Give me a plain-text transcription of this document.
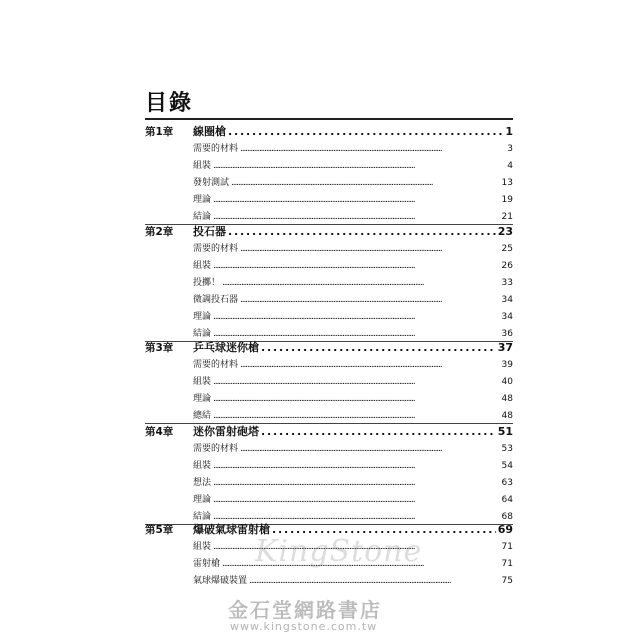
目錄
第1章 線圈槍 . . .	1
需要的材料 . . .	3
組裝 . . .	4
發射測試 . . .	13
理論 . . .	19
結論 . . .	21
第2章 投石器 . . .	23
需要的材料 . . .	25
組裝 . . .	26
投擲！ . . .	33
微調投石器 . . .	34
理論 . . .	34
結論 . . .	36
第3章 乒乓球迷你槍 . . .	37
需要的材料 . . .	39
組裝 . . .	40
理論 . . .	48
總結 . . .	48
第4章 迷你雷射砲塔 . . .	51
需要的材料 . . .	53
組裝 . . .	54
想法 . . .	63
理論 . . .	64
結論 . . .	68
第5章 爆破氣球雷射槍 . . .	69
組裝 . . .	71
雷射槍 . . .	71
氣球爆破裝置 . . .	75
KingStone
金石堂網路書店
www.kingstone.com.tw
